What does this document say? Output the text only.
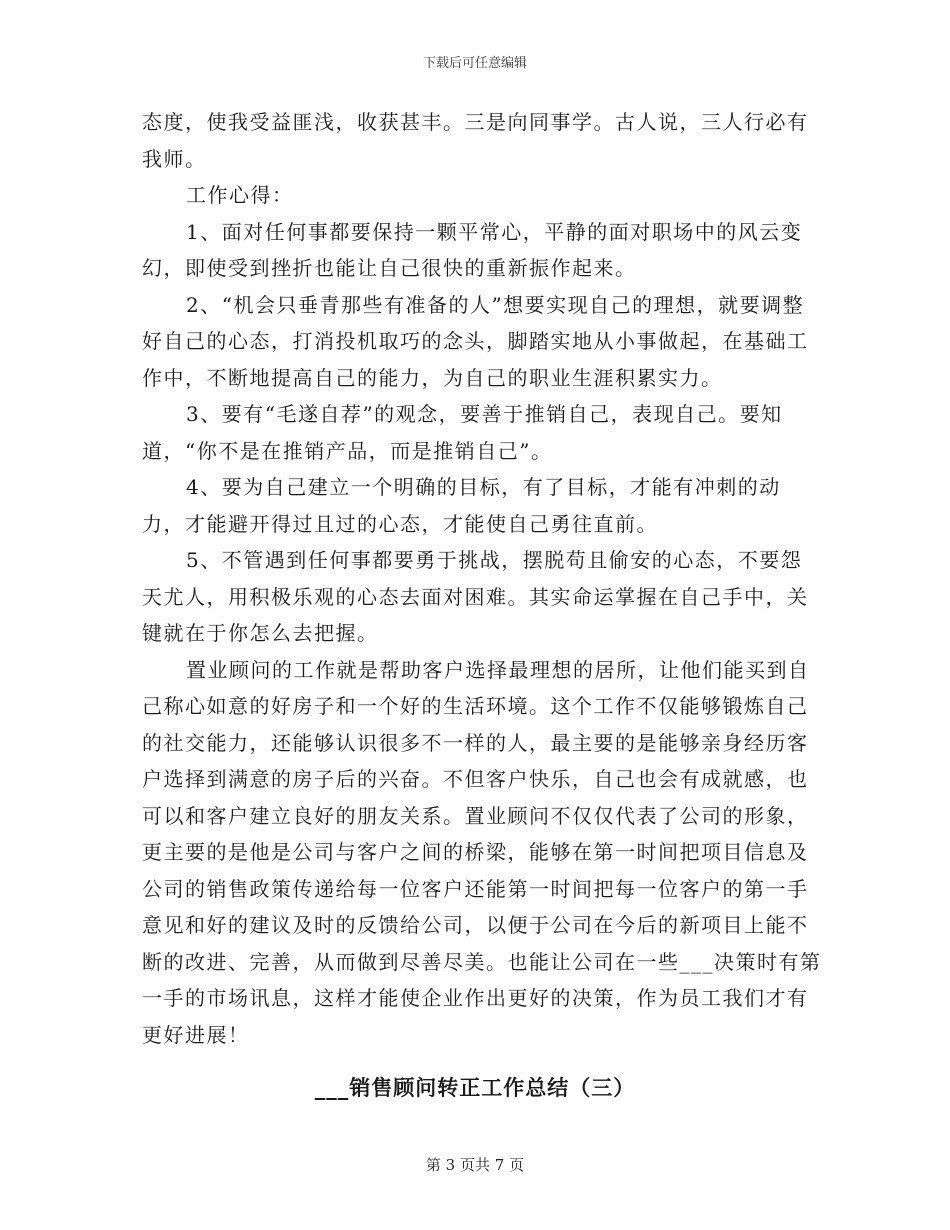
下载后可任意编辑

态度，使我受益匪浅，收获甚丰。三是向同事学。古人说，三人行必有我师。

工作心得：

1、面对任何事都要保持一颗平常心，平静的面对职场中的风云变幻，即使受到挫折也能让自己很快的重新振作起来。

2、“机会只垂青那些有准备的人”想要实现自己的理想，就要调整好自己的心态，打消投机取巧的念头，脚踏实地从小事做起，在基础工作中，不断地提高自己的能力，为自己的职业生涯积累实力。

3、要有“毛遂自荐”的观念，要善于推销自己，表现自己。要知道，“你不是在推销产品，而是推销自己”。

4、要为自己建立一个明确的目标，有了目标，才能有冲刺的动力，才能避开得过且过的心态，才能使自己勇往直前。

5、不管遇到任何事都要勇于挑战，摆脱苟且偷安的心态，不要怨天尤人，用积极乐观的心态去面对困难。其实命运掌握在自己手中，关键就在于你怎么去把握。

置业顾问的工作就是帮助客户选择最理想的居所，让他们能买到自己称心如意的好房子和一个好的生活环境。这个工作不仅能够锻炼自己的社交能力，还能够认识很多不一样的人，最主要的是能够亲身经历客户选择到满意的房子后的兴奋。不但客户快乐，自己也会有成就感，也可以和客户建立良好的朋友关系。置业顾问不仅仅代表了公司的形象，更主要的是他是公司与客户之间的桥梁，能够在第一时间把项目信息及公司的销售政策传递给每一位客户还能第一时间把每一位客户的第一手意见和好的建议及时的反馈给公司，以便于公司在今后的新项目上能不断的改进、完善，从而做到尽善尽美。也能让公司在一些___决策时有第一手的市场讯息，这样才能使企业作出更好的决策，作为员工我们才有更好进展！

___销售顾问转正工作总结（三）
第 3 页共 7 页
